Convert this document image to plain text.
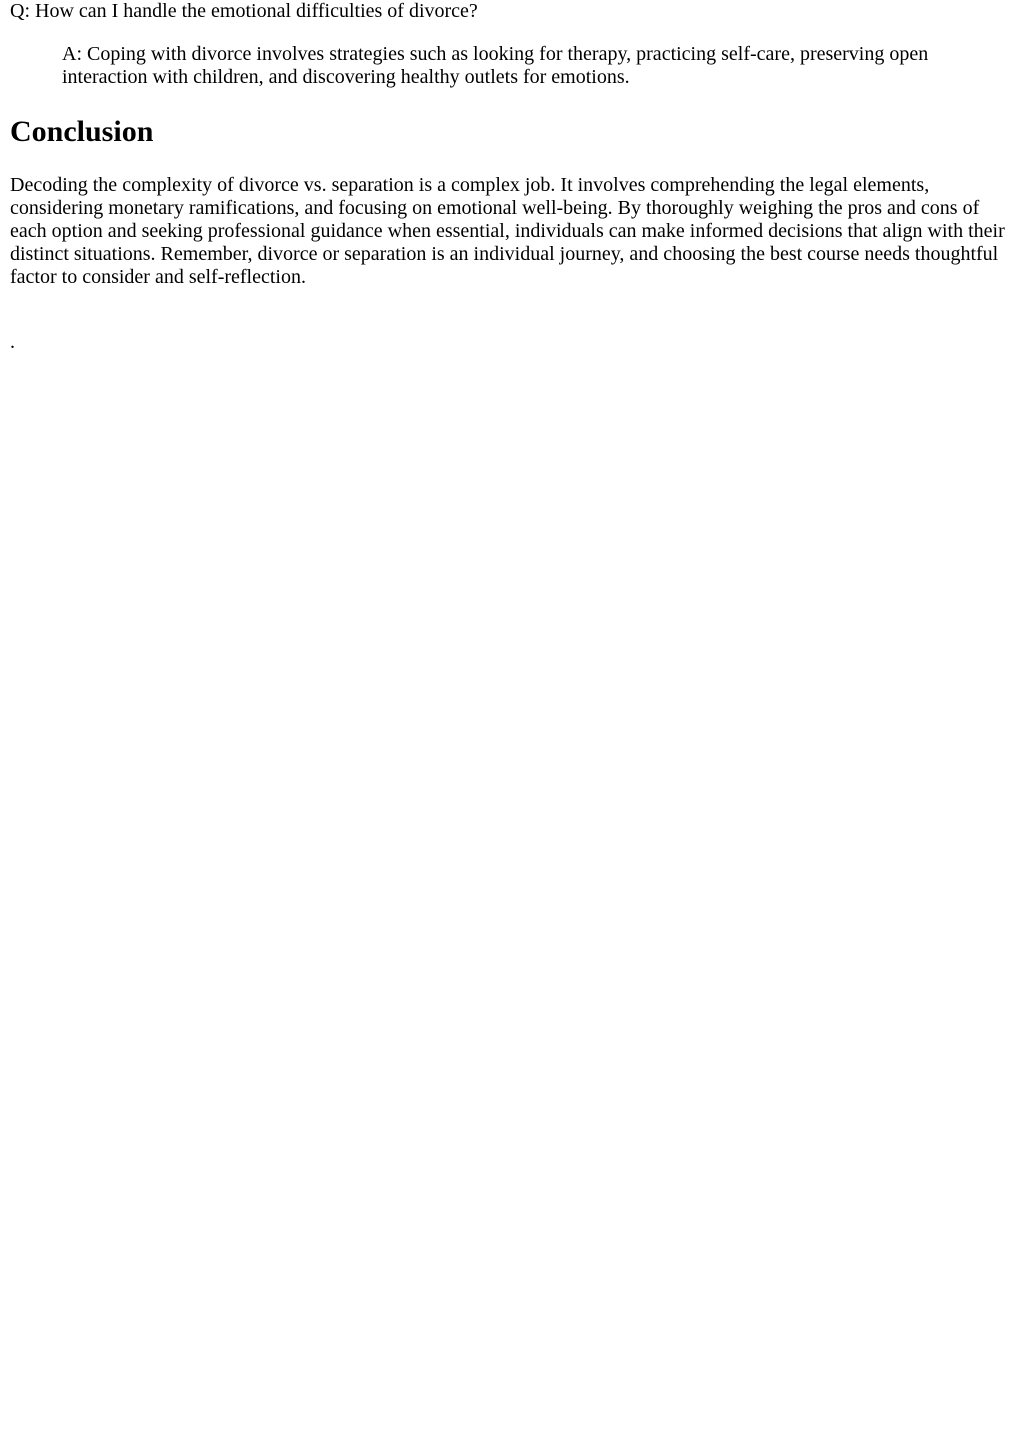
Q: How can I handle the emotional difficulties of divorce?

A: Coping with divorce involves strategies such as looking for therapy, practicing self-care, preserving open interaction with children, and discovering healthy outlets for emotions.

Conclusion

Decoding the complexity of divorce vs. separation is a complex job. It involves comprehending the legal elements, considering monetary ramifications, and focusing on emotional well-being. By thoroughly weighing the pros and cons of each option and seeking professional guidance when essential, individuals can make informed decisions that align with their distinct situations. Remember, divorce or separation is an individual journey, and choosing the best course needs thoughtful factor to consider and self-reflection.

.
